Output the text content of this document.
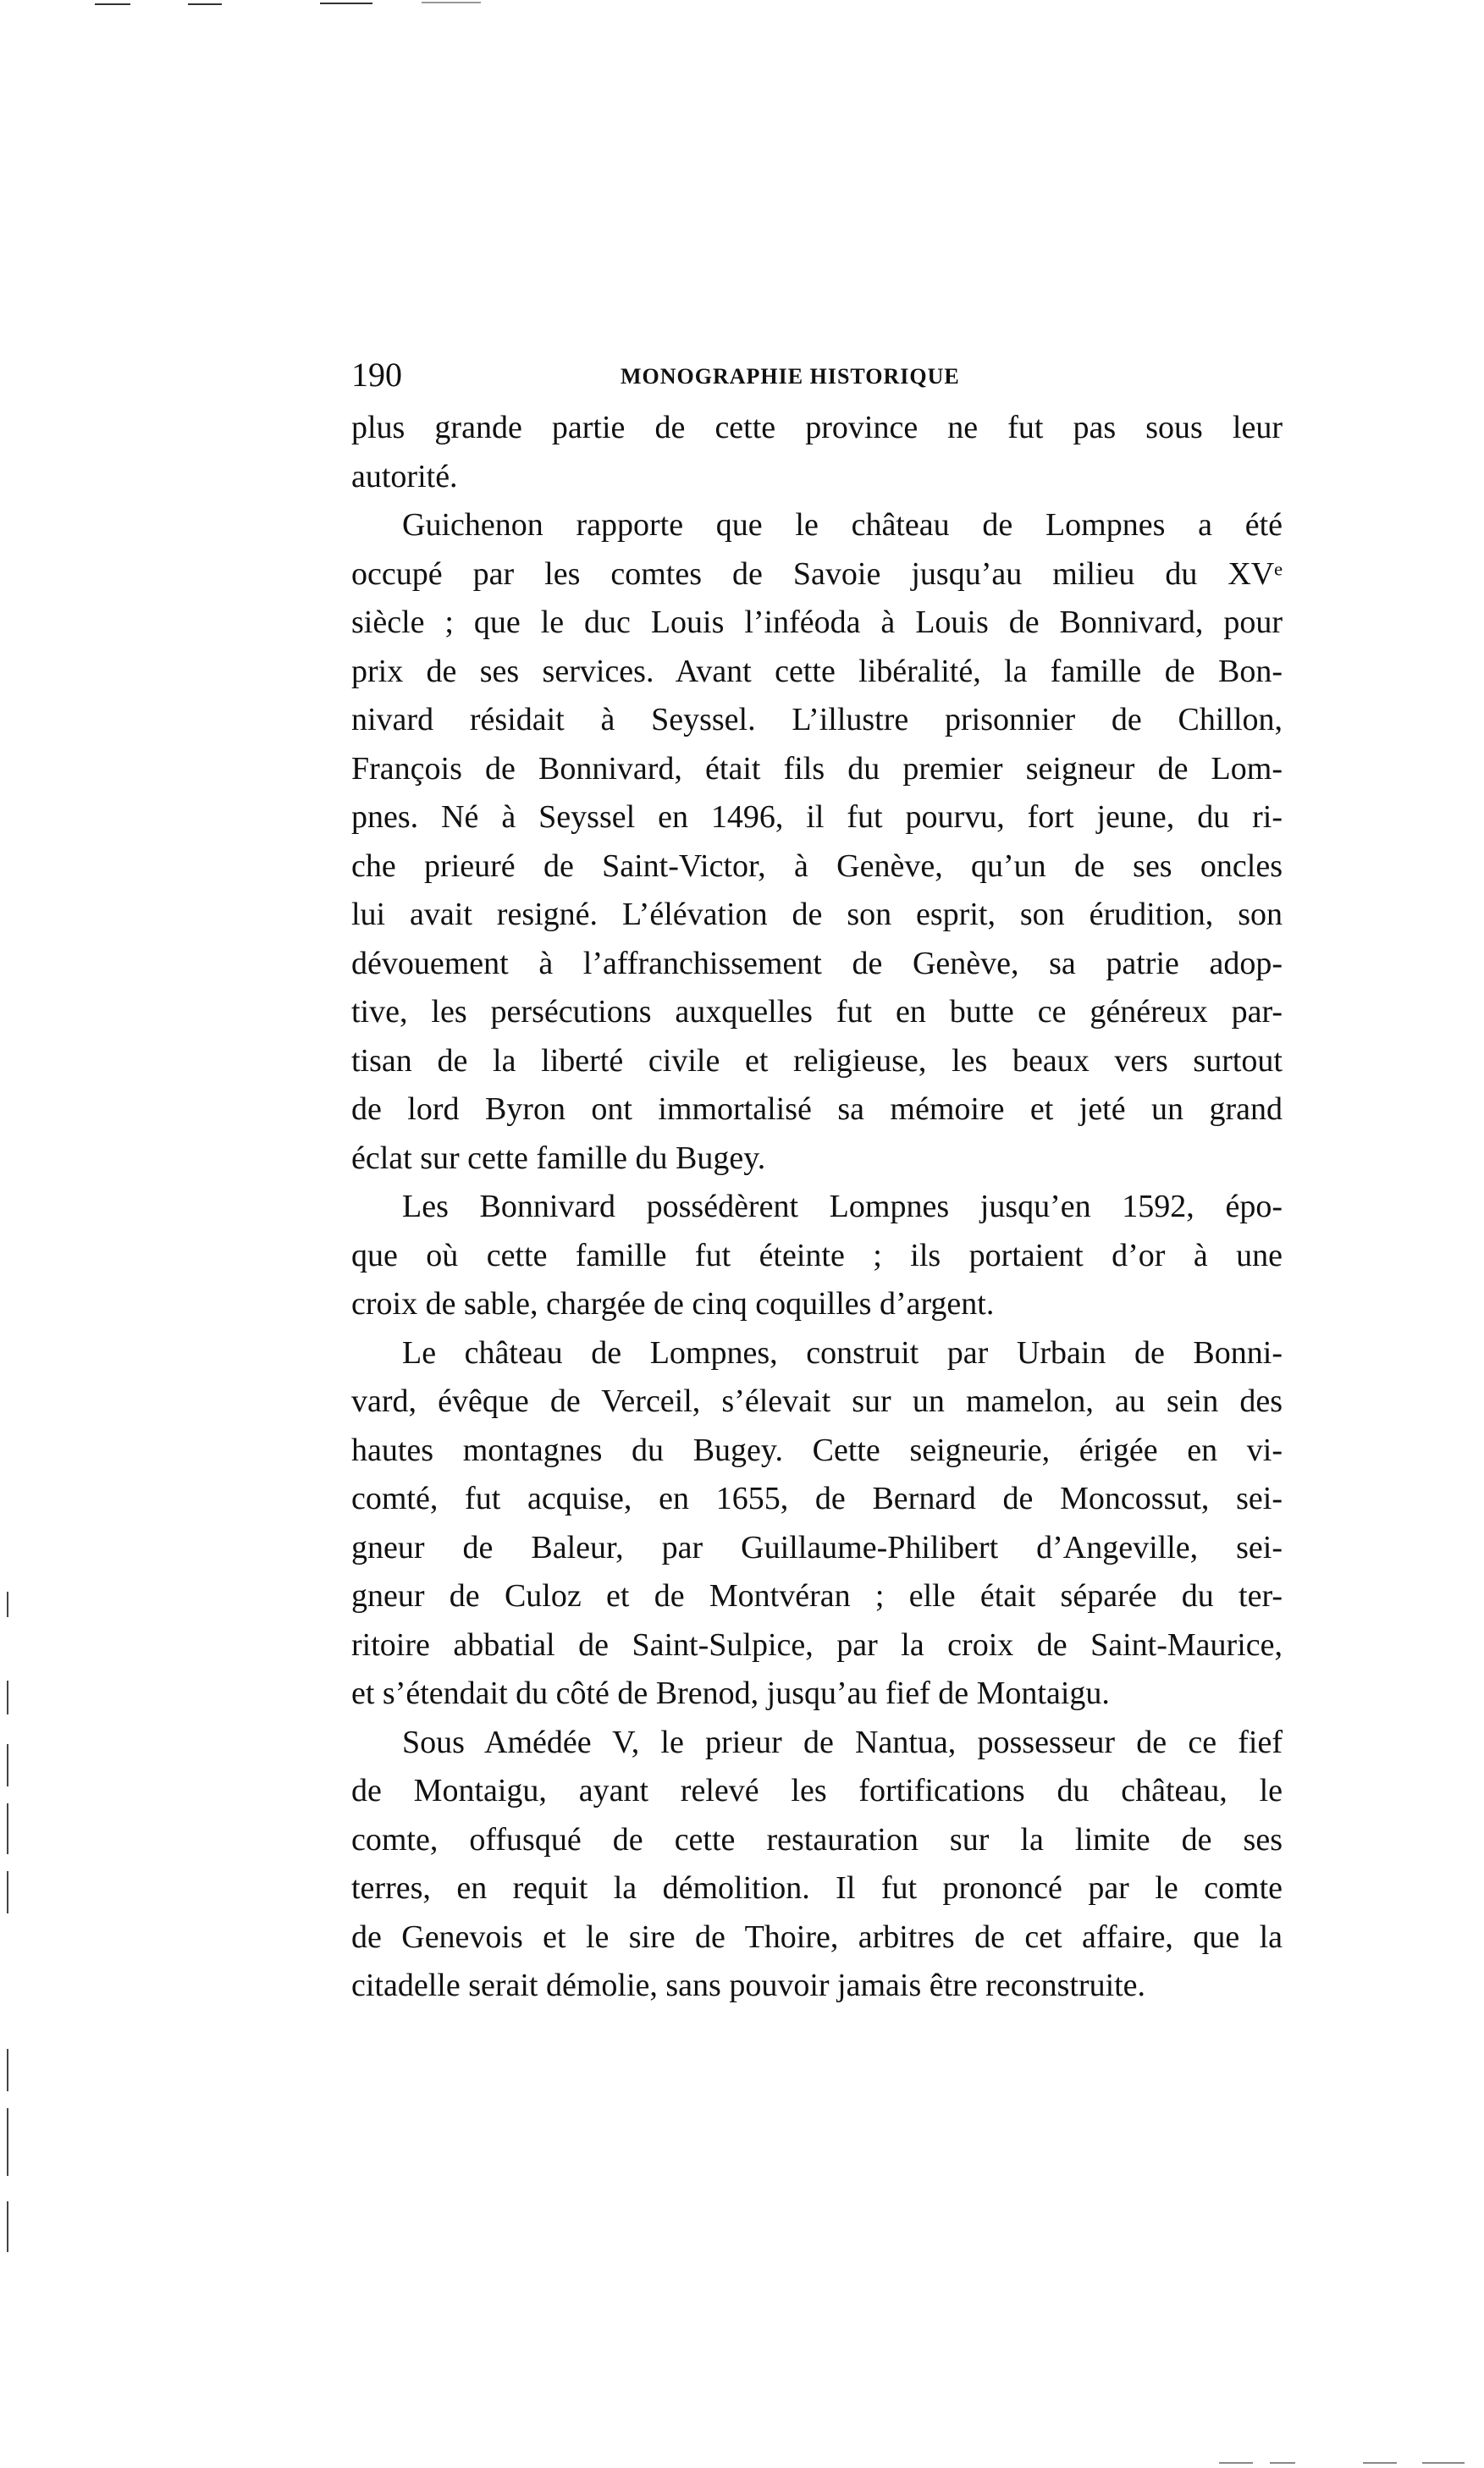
190	MONOGRAPHIE HISTORIQUE
plus grande partie de cette province ne fut pas sous leur
autorité.
Guichenon rapporte que le château de Lompnes a été
occupé par les comtes de Savoie jusqu’au milieu du XVᵉ
siècle ; que le duc Louis l’inféoda à Louis de Bonnivard, pour
prix de ses services. Avant cette libéralité, la famille de Bon-
nivard résidait à Seyssel. L’illustre prisonnier de Chillon,
François de Bonnivard, était fils du premier seigneur de Lom-
pnes. Né à Seyssel en 1496, il fut pourvu, fort jeune, du ri-
che prieuré de Saint-Victor, à Genève, qu’un de ses oncles
lui avait resigné. L’élévation de son esprit, son érudition, son
dévouement à l’affranchissement de Genève, sa patrie adop-
tive, les persécutions auxquelles fut en butte ce généreux par-
tisan de la liberté civile et religieuse, les beaux vers surtout
de lord Byron ont immortalisé sa mémoire et jeté un grand
éclat sur cette famille du Bugey.
Les Bonnivard possédèrent Lompnes jusqu’en 1592, épo-
que où cette famille fut éteinte ; ils portaient d’or à une
croix de sable, chargée de cinq coquilles d’argent.
Le château de Lompnes, construit par Urbain de Bonni-
vard, évêque de Verceil, s’élevait sur un mamelon, au sein des
hautes montagnes du Bugey. Cette seigneurie, érigée en vi-
comté, fut acquise, en 1655, de Bernard de Moncossut, sei-
gneur de Baleur, par Guillaume-Philibert d’Angeville, sei-
gneur de Culoz et de Montvéran ; elle était séparée du ter-
ritoire abbatial de Saint-Sulpice, par la croix de Saint-Maurice,
et s’étendait du côté de Brenod, jusqu’au fief de Montaigu.
Sous Amédée V, le prieur de Nantua, possesseur de ce fief
de Montaigu, ayant relevé les fortifications du château, le
comte, offusqué de cette restauration sur la limite de ses
terres, en requit la démolition. Il fut prononcé par le comte
de Genevois et le sire de Thoire, arbitres de cet affaire, que la
citadelle serait démolie, sans pouvoir jamais être reconstruite.
